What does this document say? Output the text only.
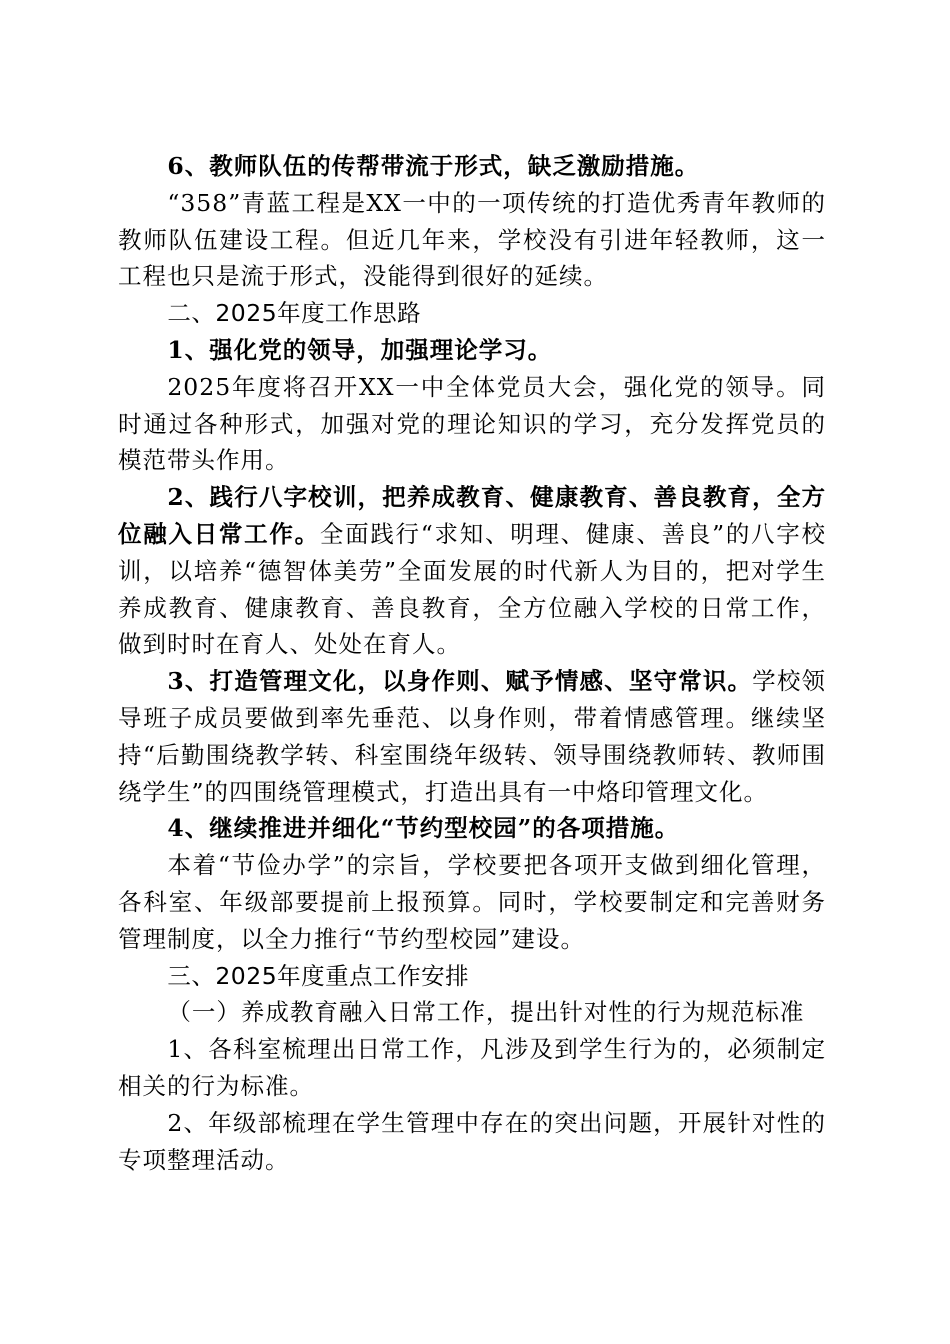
6、教师队伍的传帮带流于形式，缺乏激励措施。

“358”青蓝工程是XX一中的一项传统的打造优秀青年教师的教师队伍建设工程。但近几年来，学校没有引进年轻教师，这一工程也只是流于形式，没能得到很好的延续。

二、2025年度工作思路

1、强化党的领导，加强理论学习。

2025年度将召开XX一中全体党员大会，强化党的领导。同时通过各种形式，加强对党的理论知识的学习，充分发挥党员的模范带头作用。

2、践行八字校训，把养成教育、健康教育、善良教育，全方位融入日常工作。全面践行“求知、明理、健康、善良”的八字校训，以培养“德智体美劳”全面发展的时代新人为目的，把对学生养成教育、健康教育、善良教育，全方位融入学校的日常工作，做到时时在育人、处处在育人。

3、打造管理文化，以身作则、赋予情感、坚守常识。学校领导班子成员要做到率先垂范、以身作则，带着情感管理。继续坚持“后勤围绕教学转、科室围绕年级转、领导围绕教师转、教师围绕学生”的四围绕管理模式，打造出具有一中烙印管理文化。

4、继续推进并细化“节约型校园”的各项措施。

本着“节俭办学”的宗旨，学校要把各项开支做到细化管理，各科室、年级部要提前上报预算。同时，学校要制定和完善财务管理制度，以全力推行“节约型校园”建设。

三、2025年度重点工作安排

（一）养成教育融入日常工作，提出针对性的行为规范标准

1、各科室梳理出日常工作，凡涉及到学生行为的，必须制定相关的行为标准。

2、年级部梳理在学生管理中存在的突出问题，开展针对性的专项整理活动。
